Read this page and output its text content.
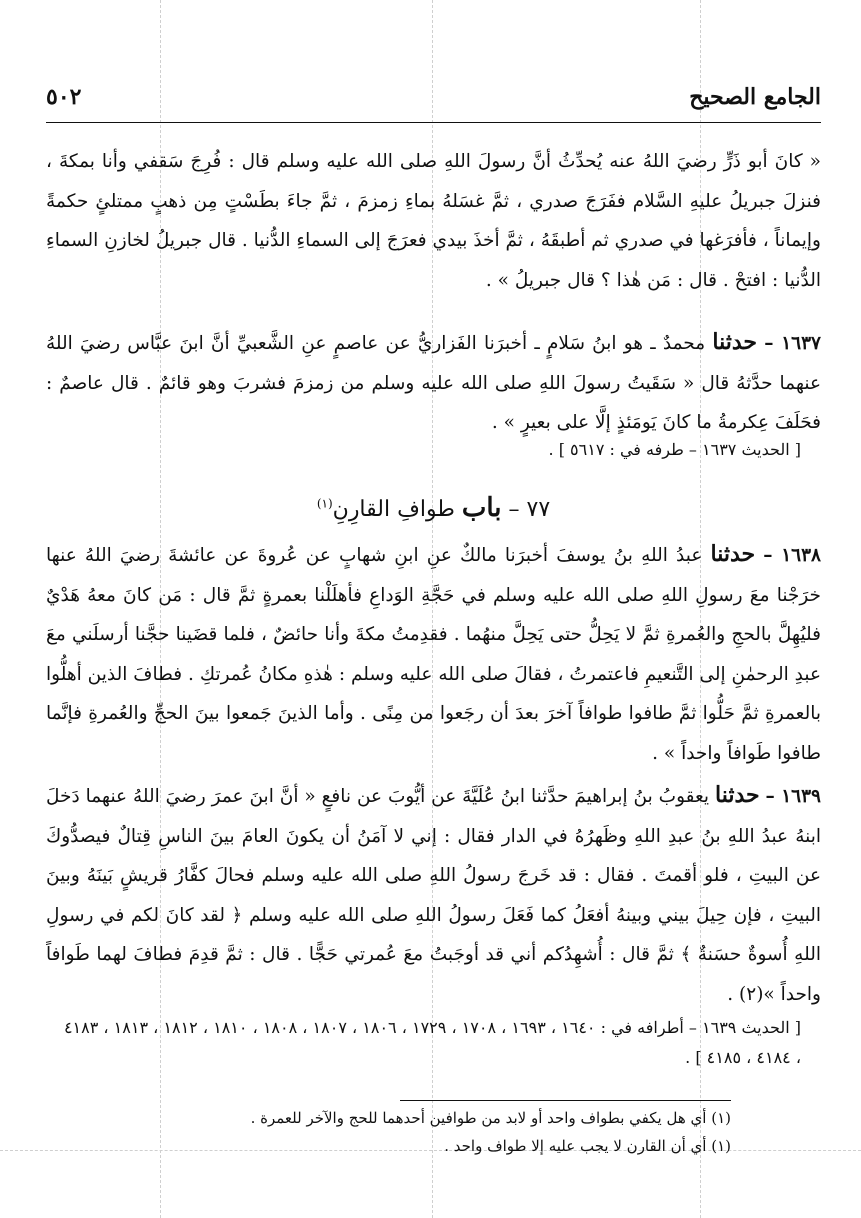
الجامع الصحيح
٥٠٢
« كانَ أبو ذَرٍّ رضيَ اللهُ عنه يُحدِّثُ أنَّ رسولَ اللهِ صلى الله عليه وسلم قال : فُرِجَ سَقفي وأنا بمكةَ ، فنزلَ جبريلُ عليهِ السَّلام ففَرَجَ صدري ، ثمَّ غسَلهُ بماءِ زمزمَ ، ثمَّ جاءَ بطَسْتٍ مِن ذهبٍ ممتلئٍ حكمةً وإيماناً ، فأفرَغها في صدري ثم أطبقَهُ ، ثمَّ أخذَ بيدي فعرَجَ إلى السماءِ الدُّنيا . قال جبريلُ لخازنِ السماءِ الدُّنيا : افتحْ . قال : مَن هٰذا ؟ قال جبريلُ » .
١٦٣٧ – حدثنا محمدٌ ـ هو ابنُ سَلامٍ ـ أخبرَنا الفَزاريُّ عن عاصمٍ عنِ الشَّعبيِّ أنَّ ابنَ عبَّاس رضيَ اللهُ عنهما حدَّثهُ قال « سَقَيتُ رسولَ اللهِ صلى الله عليه وسلم من زمزمَ فشربَ وهو قائمٌ . قال عاصمٌ : فحَلَفَ عِكرمةُ ما كانَ يَومَئذٍ إلَّا على بعيرٍ » .
[ الحديث ١٦٣٧ – طرفه في : ٥٦١٧ ] .
٧٧ – باب طوافِ القارِنِ$^{(١)}$
١٦٣٨ – حدثنا عبدُ اللهِ بنُ يوسفَ أخبرَنا مالكٌ عنِ ابنِ شهابٍ عن عُروةَ عن عائشةَ رضيَ اللهُ عنها خرَجْنا معَ رسولِ اللهِ صلى الله عليه وسلم في حَجَّةِ الوَداعِ فأهلَلْنا بعمرةٍ ثمَّ قال : مَن كانَ معهُ هَدْيٌ فليُهِلَّ بالحجِ والعُمرةِ ثمَّ لا يَحِلُّ حتى يَحِلَّ منهُما . فقدِمتُ مكةَ وأنا حائضٌ ، فلما قضَينا حجَّنا أرسلَني معَ عبدِ الرحمٰنِ إلى التَّنعيمِ فاعتمرتُ ، فقالَ صلى الله عليه وسلم : هٰذهِ مكانُ عُمرتكِ . فطافَ الذين أهلُّوا بالعمرةِ ثمَّ حَلُّوا ثمَّ طافوا طوافاً آخرَ بعدَ أن رجَعوا من مِنًى . وأما الذينَ جَمعوا بينَ الحجِّ والعُمرةِ فإنَّما طافوا طَوافاً واحداً » .
١٦٣٩ – حدثنا يعقوبُ بنُ إبراهيمَ حدَّثنا ابنُ عُلَيَّةَ عن أيُّوبَ عن نافعٍ « أنَّ ابنَ عمرَ رضيَ اللهُ عنهما دَخلَ ابنهُ عبدُ اللهِ بنُ عبدِ اللهِ وظَهرُهُ في الدار فقال : إني لا آمَنُ أن يكونَ العامَ بينَ الناسِ قِتالٌ فيصدُّوكَ عن البيتِ ، فلو أقمتَ . فقال : قد خَرجَ رسولُ اللهِ صلى الله عليه وسلم فحالَ كفَّارُ قريشٍ بَينَهُ وبينَ البيتِ ، فإن حِيلَ بيني وبينهُ أفعَلُ كما فَعَلَ رسولُ اللهِ صلى الله عليه وسلم ﴿ لقد كانَ لكم في رسولِ اللهِ أُسوةٌ حسَنةٌ ﴾ ثمَّ قال : أُشهِدُكم أني قد أوجَبتُ معَ عُمرتي حَجًّا . قال : ثمَّ قدِمَ فطافَ لهما طَوافاً واحداً »(٢) .
[ الحديث ١٦٣٩ – أطرافه في : ١٦٤٠ ، ١٦٩٣ ، ١٧٠٨ ، ١٧٢٩ ، ١٨٠٦ ، ١٨٠٧ ، ١٨٠٨ ، ١٨١٠ ، ١٨١٢ ، ١٨١٣ ، ٤١٨٣ ، ٤١٨٤ ، ٤١٨٥ ] .
(١) أي هل يكفي بطواف واحد أو لابد من طوافين أحدهما للحج والآخر للعمرة .
(١) أي أن القارن لا يجب عليه إلا طواف واحد .
